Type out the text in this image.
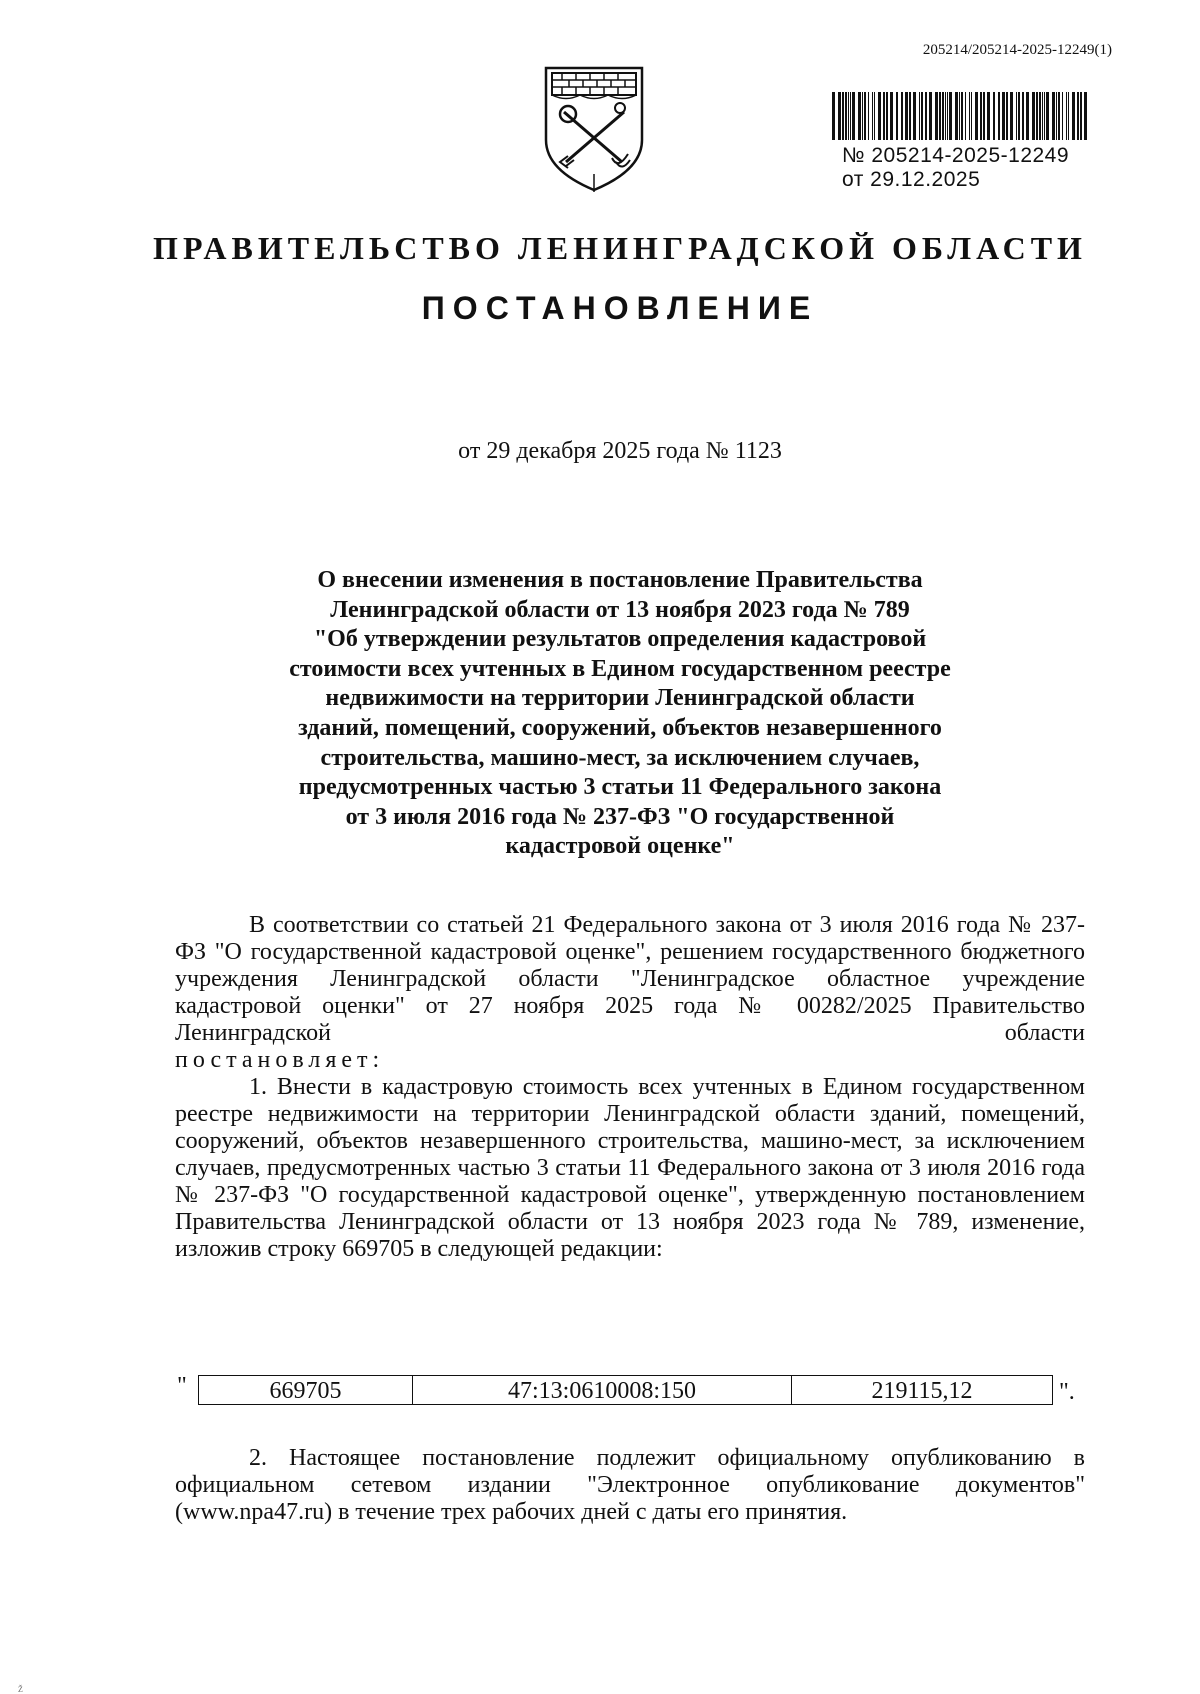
205214/205214-2025-12249(1)
№ 205214-2025-12249
от 29.12.2025
ПРАВИТЕЛЬСТВО ЛЕНИНГРАДСКОЙ ОБЛАСТИ
ПОСТАНОВЛЕНИЕ
от 29 декабря 2025 года № 1123
О внесении изменения в постановление Правительства
Ленинградской области от 13 ноября 2023 года № 789
"Об утверждении результатов определения кадастровой
стоимости всех учтенных в Едином государственном реестре
недвижимости на территории Ленинградской области
зданий, помещений, сооружений, объектов незавершенного
строительства, машино-мест, за исключением случаев,
предусмотренных частью 3 статьи 11 Федерального закона
от 3 июля 2016 года № 237-ФЗ "О государственной
кадастровой оценке"

В соответствии со статьей 21 Федерального закона от 3 июля 2016 года № 237-ФЗ "О государственной кадастровой оценке", решением государственного бюджетного учреждения Ленинградской области "Ленинградское областное учреждение кадастровой оценки" от 27 ноября 2025 года № 00282/2025 Правительство Ленинградской области

постановляет:

1. Внести в кадастровую стоимость всех учтенных в Едином государственном реестре недвижимости на территории Ленинградской области зданий, помещений, сооружений, объектов незавершенного строительства, машино-мест, за исключением случаев, предусмотренных частью 3 статьи 11 Федерального закона от 3 июля 2016 года № 237-ФЗ "О государственной кадастровой оценке", утвержденную постановлением Правительства Ленинградской области от 13 ноября 2023 года № 789, изменение, изложив строку 669705 в следующей редакции:

"	669705	47:13:0610008:150	219115,12	".

2. Настоящее постановление подлежит официальному опубликованию в официальном сетевом издании "Электронное опубликование документов" (www.npa47.ru) в течение трех рабочих дней с даты его принятия.

Ž
